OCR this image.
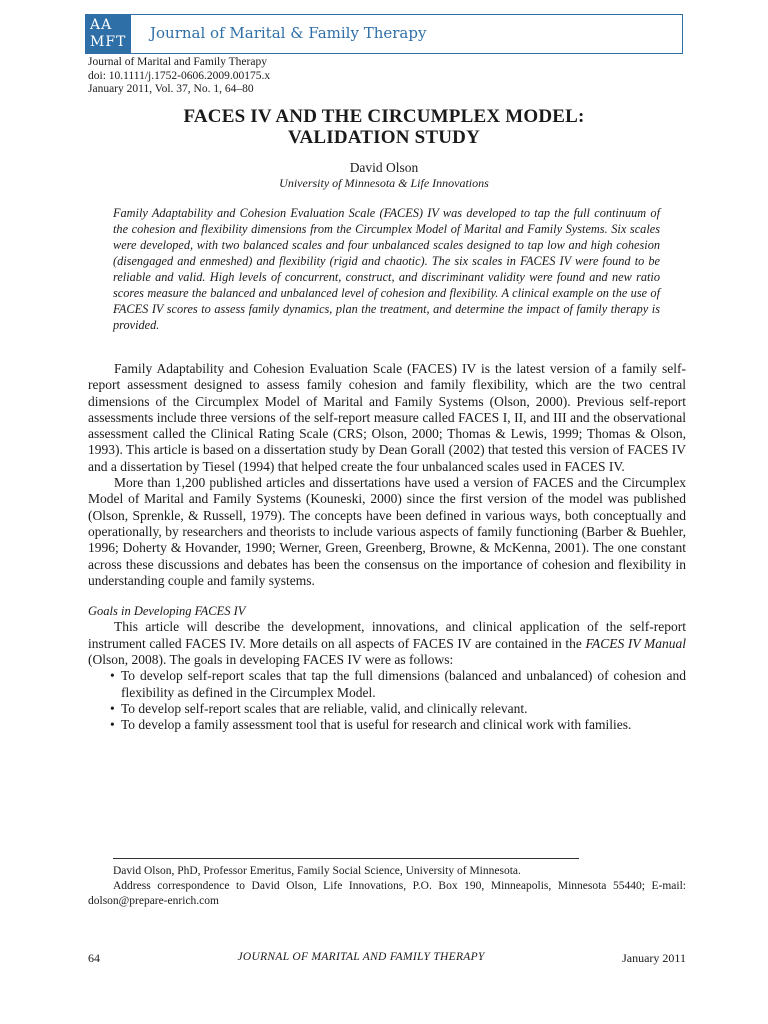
AA
MFT	Journal of Marital & Family Therapy
Journal of Marital and Family Therapy
doi: 10.1111/j.1752-0606.2009.00175.x
January 2011, Vol. 37, No. 1, 64–80
FACES IV AND THE CIRCUMPLEX MODEL:
VALIDATION STUDY
David Olson
University of Minnesota & Life Innovations
Family Adaptability and Cohesion Evaluation Scale (FACES) IV was developed to tap the full continuum of the cohesion and flexibility dimensions from the Circumplex Model of Marital and Family Systems. Six scales were developed, with two balanced scales and four unbalanced scales designed to tap low and high cohesion (disengaged and enmeshed) and flexibility (rigid and chaotic). The six scales in FACES IV were found to be reliable and valid. High levels of concurrent, construct, and discriminant validity were found and new ratio scores measure the balanced and unbalanced level of cohesion and flexibility. A clinical example on the use of FACES IV scores to assess family dynamics, plan the treatment, and determine the impact of family therapy is provided.

Family Adaptability and Cohesion Evaluation Scale (FACES) IV is the latest version of a family self-report assessment designed to assess family cohesion and family flexibility, which are the two central dimensions of the Circumplex Model of Marital and Family Systems (Olson, 2000). Previous self-report assessments include three versions of the self-report measure called FACES I, II, and III and the observational assessment called the Clinical Rating Scale (CRS; Olson, 2000; Thomas & Lewis, 1999; Thomas & Olson, 1993). This article is based on a dissertation study by Dean Gorall (2002) that tested this version of FACES IV and a dissertation by Tiesel (1994) that helped create the four unbalanced scales used in FACES IV.

More than 1,200 published articles and dissertations have used a version of FACES and the Circumplex Model of Marital and Family Systems (Kouneski, 2000) since the first version of the model was published (Olson, Sprenkle, & Russell, 1979). The concepts have been defined in various ways, both conceptually and operationally, by researchers and theorists to include various aspects of family functioning (Barber & Buehler, 1996; Doherty & Hovander, 1990; Werner, Green, Greenberg, Browne, & McKenna, 2001). The one constant across these discussions and debates has been the consensus on the importance of cohesion and flexibility in understanding couple and family systems.

Goals in Developing FACES IV

This article will describe the development, innovations, and clinical application of the self-report instrument called FACES IV. More details on all aspects of FACES IV are contained in the FACES IV Manual (Olson, 2008). The goals in developing FACES IV were as follows:

• To develop self-report scales that tap the full dimensions (balanced and unbalanced) of cohesion and flexibility as defined in the Circumplex Model.
• To develop self-report scales that are reliable, valid, and clinically relevant.
• To develop a family assessment tool that is useful for research and clinical work with families.

David Olson, PhD, Professor Emeritus, Family Social Science, University of Minnesota.

Address correspondence to David Olson, Life Innovations, P.O. Box 190, Minneapolis, Minnesota 55440; E-mail: dolson@prepare-enrich.com

64	JOURNAL OF MARITAL AND FAMILY THERAPY	January 2011
